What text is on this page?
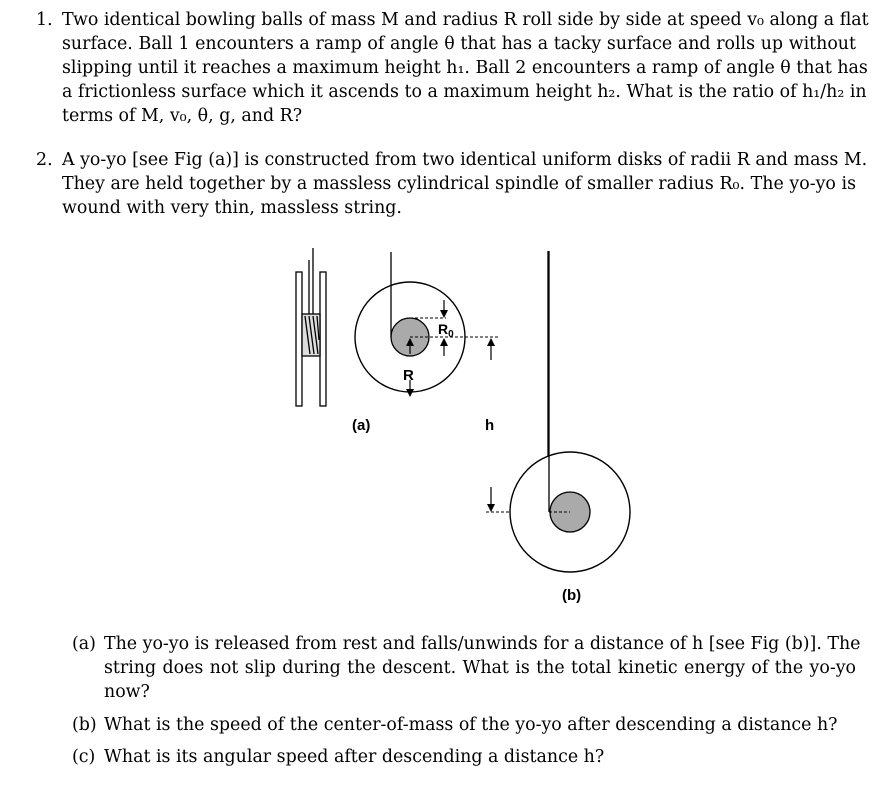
1. Two identical bowling balls of mass M and radius R roll side by side at speed v₀ along a flat
surface. Ball 1 encounters a ramp of angle θ that has a tacky surface and rolls up without
slipping until it reaches a maximum height h₁. Ball 2 encounters a ramp of angle θ that has
a frictionless surface which it ascends to a maximum height h₂. What is the ratio of h₁/h₂ in
terms of M, v₀, θ, g, and R?
2. A yo-yo [see Fig (a)] is constructed from two identical uniform disks of radii R and mass M.
They are held together by a massless cylindrical spindle of smaller radius R₀. The yo-yo is
wound with very thin, massless string.
R
$R_0$
h
(a)
(b)
(a) The yo-yo is released from rest and falls/unwinds for a distance of h [see Fig (b)]. The
string does not slip during the descent. What is the total kinetic energy of the yo-yo
now?
(b) What is the speed of the center-of-mass of the yo-yo after descending a distance h?
(c) What is its angular speed after descending a distance h?
